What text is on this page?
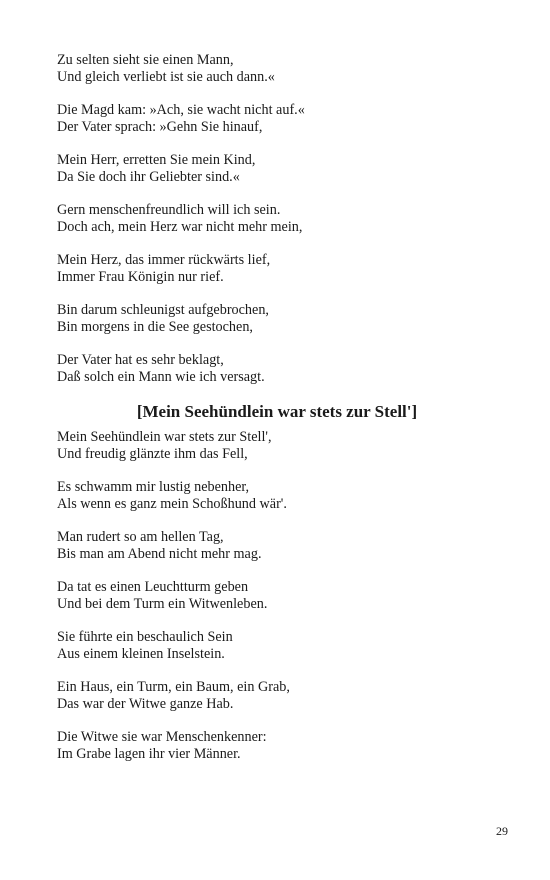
Zu selten sieht sie einen Mann,
Und gleich verliebt ist sie auch dann.«
Die Magd kam: »Ach, sie wacht nicht auf.«
Der Vater sprach: »Gehn Sie hinauf,
Mein Herr, erretten Sie mein Kind,
Da Sie doch ihr Geliebter sind.«
Gern menschenfreundlich will ich sein.
Doch ach, mein Herz war nicht mehr mein,
Mein Herz, das immer rückwärts lief,
Immer Frau Königin nur rief.
Bin darum schleunigst aufgebrochen,
Bin morgens in die See gestochen,
Der Vater hat es sehr beklagt,
Daß solch ein Mann wie ich versagt.
[Mein Seehündlein war stets zur Stell']
Mein Seehündlein war stets zur Stell',
Und freudig glänzte ihm das Fell,
Es schwamm mir lustig nebenher,
Als wenn es ganz mein Schoßhund wär'.
Man rudert so am hellen Tag,
Bis man am Abend nicht mehr mag.
Da tat es einen Leuchtturm geben
Und bei dem Turm ein Witwenleben.
Sie führte ein beschaulich Sein
Aus einem kleinen Inselstein.
Ein Haus, ein Turm, ein Baum, ein Grab,
Das war der Witwe ganze Hab.
Die Witwe sie war Menschenkenner:
Im Grabe lagen ihr vier Männer.
29
